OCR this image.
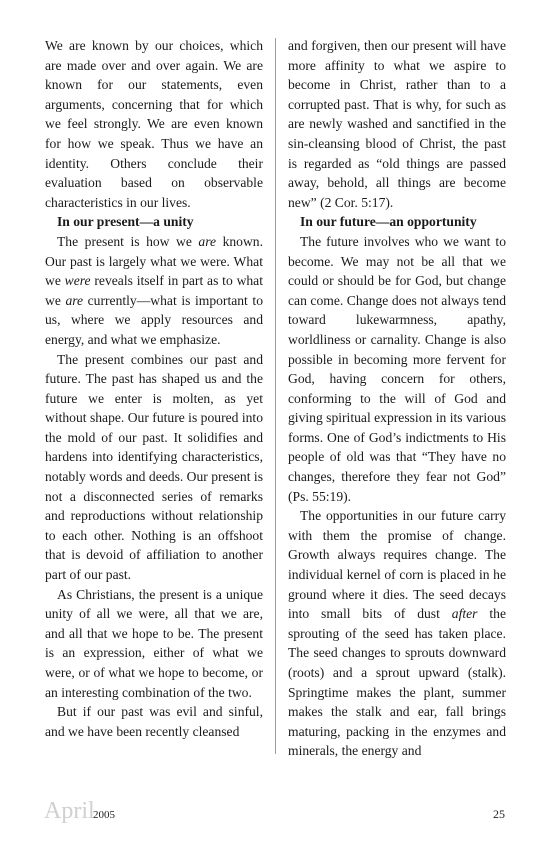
We are known by our choices, which are made over and over again. We are known for our statements, even arguments, concerning that for which we feel strongly. We are even known for how we speak. Thus we have an identity. Others conclude their evaluation based on observable characteristics in our lives.

In our present—a unity

The present is how we are known. Our past is largely what we were. What we were reveals itself in part as to what we are currently—what is important to us, where we apply resources and energy, and what we emphasize.

The present combines our past and future. The past has shaped us and the future we enter is molten, as yet without shape. Our future is poured into the mold of our past. It solidifies and hardens into identifying characteristics, notably words and deeds. Our present is not a disconnected series of remarks and reproductions without relationship to each other. Nothing is an offshoot that is devoid of affiliation to another part of our past.

As Christians, the present is a unique unity of all we were, all that we are, and all that we hope to be. The present is an expression, either of what we were, or of what we hope to become, or an interesting combination of the two.

But if our past was evil and sinful, and we have been recently cleansed

and forgiven, then our present will have more affinity to what we aspire to become in Christ, rather than to a corrupted past. That is why, for such as are newly washed and sanctified in the sin-cleansing blood of Christ, the past is regarded as “old things are passed away, behold, all things are become new” (2 Cor. 5:17).

In our future—an opportunity

The future involves who we want to become. We may not be all that we could or should be for God, but change can come. Change does not always tend toward lukewarmness, apathy, worldliness or carnality. Change is also possible in becoming more fervent for God, having concern for others, conforming to the will of God and giving spiritual expression in its various forms. One of God’s indictments to His people of old was that “They have no changes, therefore they fear not God” (Ps. 55:19).

The opportunities in our future carry with them the promise of change. Growth always requires change. The individual kernel of corn is placed in he ground where it dies. The seed decays into small bits of dust after the sprouting of the seed has taken place. The seed changes to sprouts downward (roots) and a sprout upward (stalk). Springtime makes the plant, summer makes the stalk and ear, fall brings maturing, packing in the enzymes and minerals, the energy and

April
2005	25
